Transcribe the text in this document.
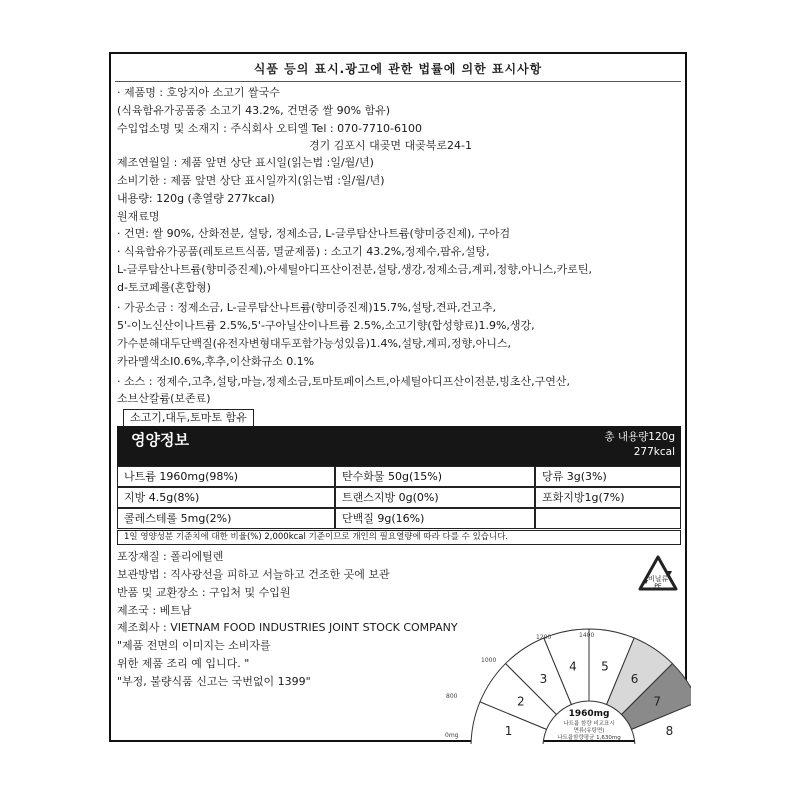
식품 등의 표시.광고에 관한 법률에 의한 표시사항
· 제품명 : 호앙지아 소고기 쌀국수
(식육함유가공품중 소고기 43.2%, 건면중 쌀 90% 함유)
수입업소명 및 소재지 : 주식회사 오티엘 Tel : 070-7710-6100
경기 김포시 대곶면 대곶북로24-1
제조연월일 : 제품 앞면 상단 표시일(읽는법 :일/월/년)
소비기한 : 제품 앞면 상단 표시일까지(읽는법 :일/월/년)
내용량: 120g (총열량 277kcal)
원재료명
· 건면: 쌀 90%, 산화전분, 설탕, 정제소금, L-글루탐산나트륨(향미증진제), 구아검
· 식육함유가공품(레토르트식품, 멸균제품) : 소고기 43.2%,정제수,팜유,설탕,
L-글루탐산나트륨(향미증진제),아세틸아디프산이전분,설탕,생강,정제소금,계피,정향,아니스,카로틴,
d-토코페롤(혼합형)
· 가공소금 : 정제소금, L-글루탐산나트륨(향미증진제)15.7%,설탕,견파,건고추,
5'-이노신산이나트륨 2.5%,5'-구아닐산이나트륨 2.5%,소고기향(합성향료)1.9%,생강,
가수분해대두단백질(유전자변형대두포함가능성있음)1.4%,설탕,계피,정향,아니스,
카라멜색소Ⅰ0.6%,후추,이산화규소 0.1%
· 소스 : 정제수,고추,설탕,마늘,정제소금,토마토페이스트,아세틸아디프산이전분,빙초산,구연산,
소브산칼륨(보존료)
소고기,대두,토마토 함유
영양정보	총 내용량120g
277kcal
나트륨 1960mg(98%)	탄수화물 50g(15%)	당류 3g(3%)
지방 4.5g(8%)	트랜스지방 0g(0%)	포화지방1g(7%)
콜레스테롤 5mg(2%)	단백질 9g(16%)
1일 영양성분 기준치에 대한 비율(%) 2,000kcal 기준이므로 개인의 필요열량에 따라 다를 수 있습니다.
포장재질 : 폴리에틸렌
보관방법 : 직사광선을 피하고 서늘하고 건조한 곳에 보관
반품 및 교환장소 : 구입처 및 수입원
제조국 : 베트남
제조회사 : VIETNAM FOOD INDUSTRIES JOINT STOCK COMPANY
"제품 전면의 이미지는 소비자를
위한 제품 조리 예 입니다. "
"부정, 불량식품 신고는 국번없이 1399"
비닐류
PE
1
2
3
4 5
6
7
8
0mg
800
1000
1200	1400
1960mg
나트륨 함량 비교표시
면류(유탕면)
나트륨함량평균 1,630mg
